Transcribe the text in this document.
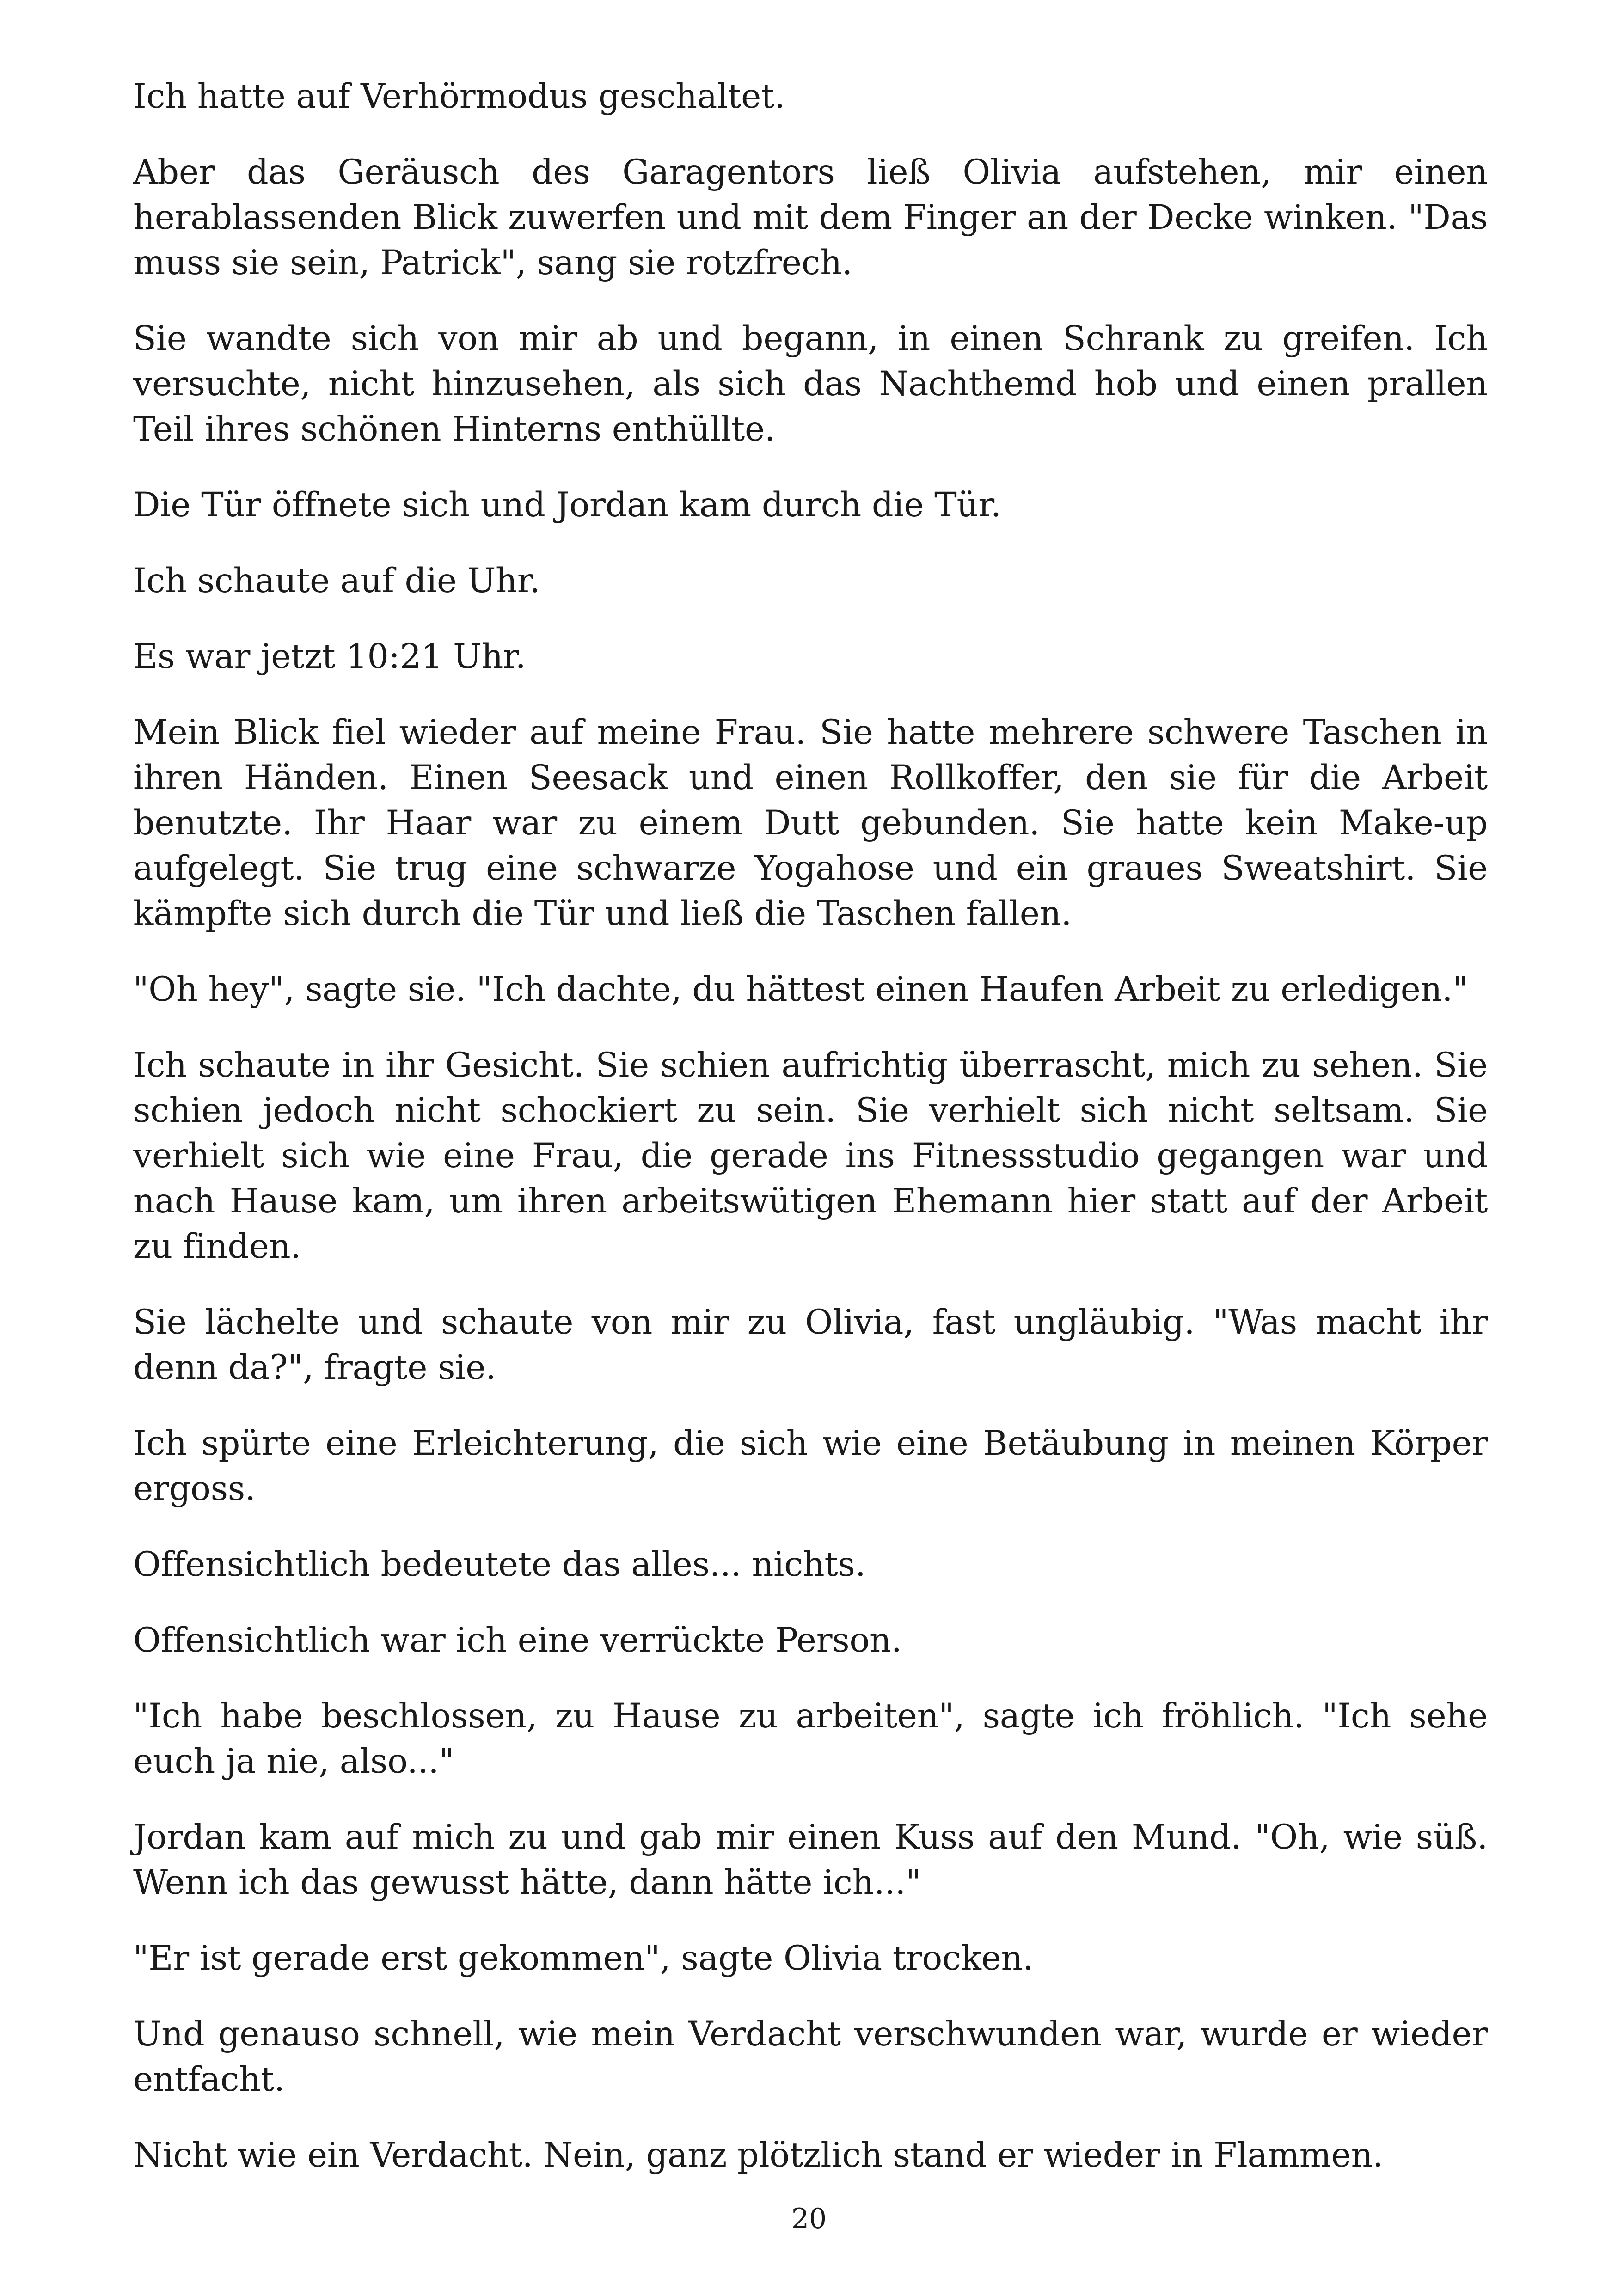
Ich hatte auf Verhörmodus geschaltet.

Aber das Geräusch des Garagentors ließ Olivia aufstehen, mir einen herablassenden Blick zuwerfen und mit dem Finger an der Decke winken. "Das muss sie sein, Patrick", sang sie rotzfrech.

Sie wandte sich von mir ab und begann, in einen Schrank zu greifen. Ich versuchte, nicht hinzusehen, als sich das Nachthemd hob und einen prallen Teil ihres schönen Hinterns enthüllte.

Die Tür öffnete sich und Jordan kam durch die Tür.

Ich schaute auf die Uhr.

Es war jetzt 10:21 Uhr.

Mein Blick fiel wieder auf meine Frau. Sie hatte mehrere schwere Taschen in ihren Händen. Einen Seesack und einen Rollkoffer, den sie für die Arbeit benutzte. Ihr Haar war zu einem Dutt gebunden. Sie hatte kein Make-up aufgelegt. Sie trug eine schwarze Yogahose und ein graues Sweatshirt. Sie kämpfte sich durch die Tür und ließ die Taschen fallen.

"Oh hey", sagte sie. "Ich dachte, du hättest einen Haufen Arbeit zu erledigen."

Ich schaute in ihr Gesicht. Sie schien aufrichtig überrascht, mich zu sehen. Sie schien jedoch nicht schockiert zu sein. Sie verhielt sich nicht seltsam. Sie verhielt sich wie eine Frau, die gerade ins Fitnessstudio gegangen war und nach Hause kam, um ihren arbeitswütigen Ehemann hier statt auf der Arbeit zu finden.

Sie lächelte und schaute von mir zu Olivia, fast ungläubig. "Was macht ihr denn da?", fragte sie.

Ich spürte eine Erleichterung, die sich wie eine Betäubung in meinen Körper ergoss.

Offensichtlich bedeutete das alles... nichts.

Offensichtlich war ich eine verrückte Person.

"Ich habe beschlossen, zu Hause zu arbeiten", sagte ich fröhlich. "Ich sehe euch ja nie, also..."

Jordan kam auf mich zu und gab mir einen Kuss auf den Mund. "Oh, wie süß. Wenn ich das gewusst hätte, dann hätte ich..."

"Er ist gerade erst gekommen", sagte Olivia trocken.

Und genauso schnell, wie mein Verdacht verschwunden war, wurde er wieder entfacht.

Nicht wie ein Verdacht. Nein, ganz plötzlich stand er wieder in Flammen.

20
